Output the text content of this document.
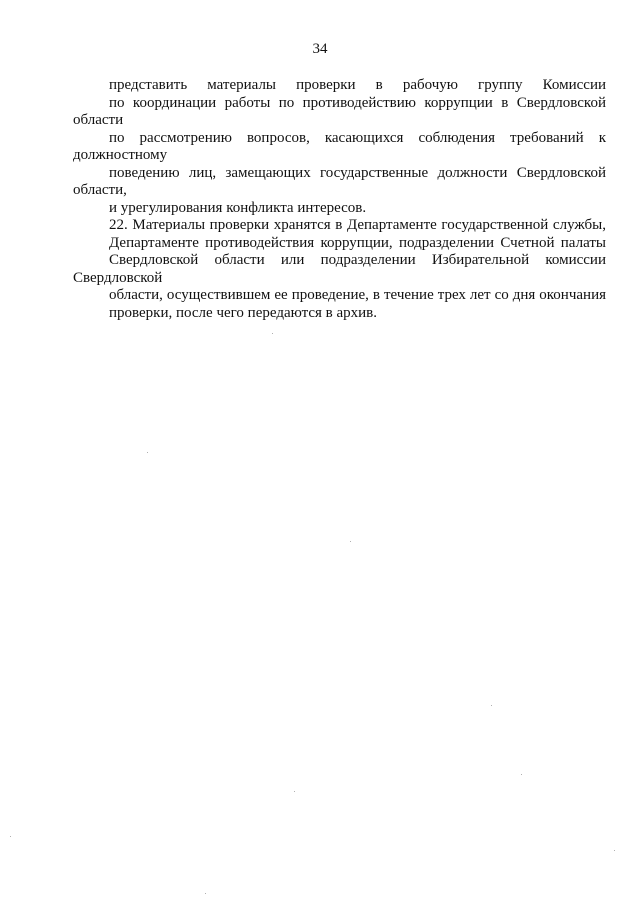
34

представить материалы проверки в рабочую группу Комиссии
по координации работы по противодействию коррупции в Свердловской области
по рассмотрению вопросов, касающихся соблюдения требований к должностному
поведению лиц, замещающих государственные должности Свердловской области,
и урегулирования конфликта интересов.

22. Материалы проверки хранятся в Департаменте государственной службы,
Департаменте противодействия коррупции, подразделении Счетной палаты
Свердловской области или подразделении Избирательной комиссии Свердловской
области, осуществившем ее проведение, в течение трех лет со дня окончания
проверки, после чего передаются в архив.
